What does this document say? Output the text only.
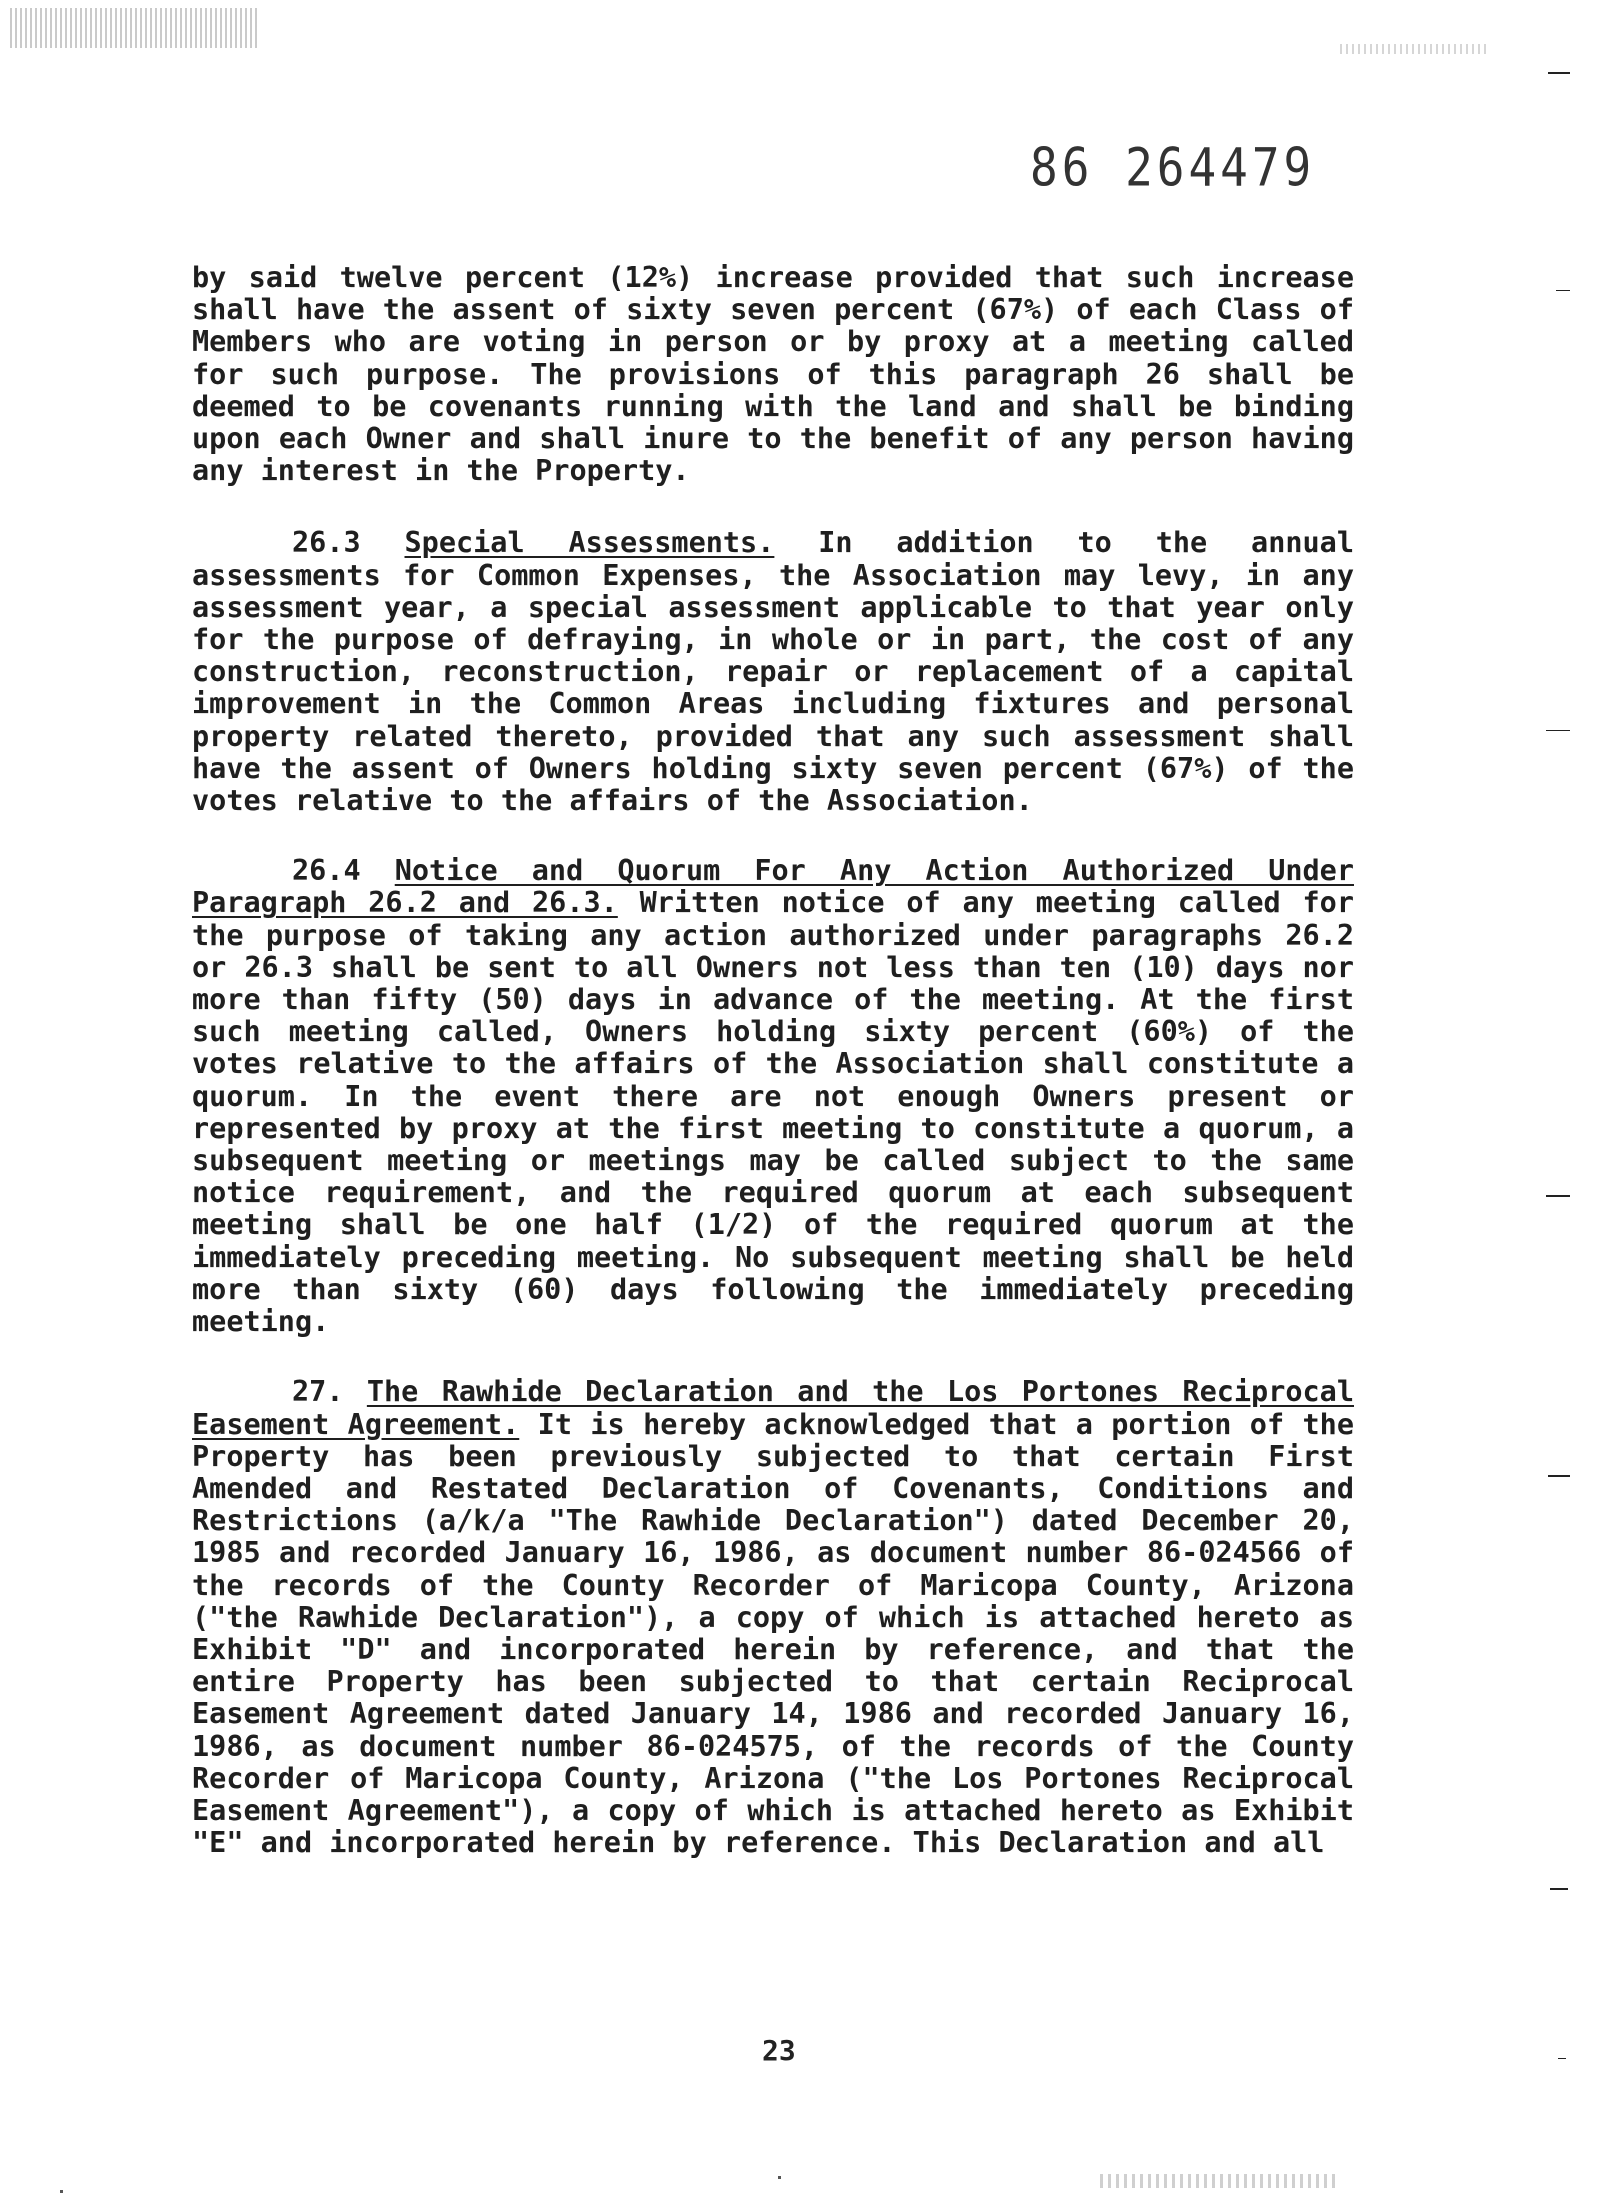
86 264479

by said twelve percent (12%) increase provided that such increase shall have the assent of sixty seven percent (67%) of each Class of Members who are voting in person or by proxy at a meeting called for such purpose. The provisions of this paragraph 26 shall be deemed to be covenants running with the land and shall be binding upon each Owner and shall inure to the benefit of any person having any interest in the Property.

26.3 Special Assessments. In addition to the annual assessments for Common Expenses, the Association may levy, in any assessment year, a special assessment applicable to that year only for the purpose of defraying, in whole or in part, the cost of any construction, reconstruction, repair or replacement of a capital improvement in the Common Areas including fixtures and personal property related thereto, provided that any such assessment shall have the assent of Owners holding sixty seven percent (67%) of the votes relative to the affairs of the Association.

26.4 Notice and Quorum For Any Action Authorized Under Paragraph 26.2 and 26.3. Written notice of any meeting called for the purpose of taking any action authorized under paragraphs 26.2 or 26.3 shall be sent to all Owners not less than ten (10) days nor more than fifty (50) days in advance of the meeting. At the first such meeting called, Owners holding sixty percent (60%) of the votes relative to the affairs of the Association shall constitute a quorum. In the event there are not enough Owners present or represented by proxy at the first meeting to constitute a quorum, a subsequent meeting or meetings may be called subject to the same notice requirement, and the required quorum at each subsequent meeting shall be one half (1/2) of the required quorum at the immediately preceding meeting. No subsequent meeting shall be held more than sixty (60) days following the immediately preceding meeting.

27. The Rawhide Declaration and the Los Portones Reciprocal Easement Agreement. It is hereby acknowledged that a portion of the Property has been previously subjected to that certain First Amended and Restated Declaration of Covenants, Conditions and Restrictions (a/k/a "The Rawhide Declaration") dated December 20, 1985 and recorded January 16, 1986, as document number 86-024566 of the records of the County Recorder of Maricopa County, Arizona ("the Rawhide Declaration"), a copy of which is attached hereto as Exhibit "D" and incorporated herein by reference, and that the entire Property has been subjected to that certain Reciprocal Easement Agreement dated January 14, 1986 and recorded January 16, 1986, as document number 86-024575, of the records of the County Recorder of Maricopa County, Arizona ("the Los Portones Reciprocal Easement Agreement"), a copy of which is attached hereto as Exhibit "E" and incorporated herein by reference. This Declaration and all

23
